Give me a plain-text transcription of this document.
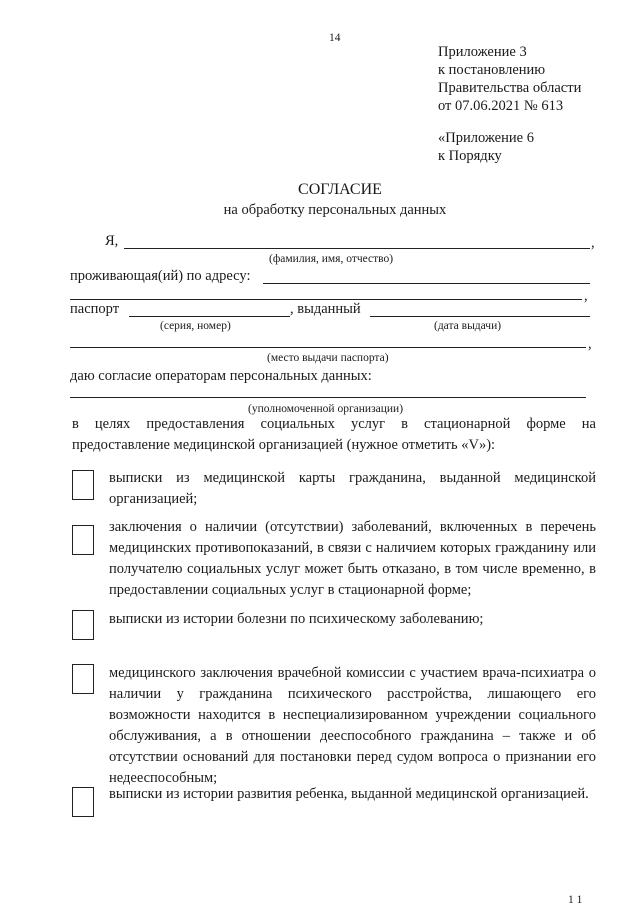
14
Приложение 3
к постановлению
Правительства области
от 07.06.2021 № 613
«Приложение 6
к Порядку
СОГЛАСИЕ
на обработку персональных данных
Я,	,
(фамилия, имя, отчество)
проживающая(ий) по адресу:
,
паспорт	, выданный
(серия, номер)	(дата выдачи)
,
(место выдачи паспорта)
даю согласие операторам персональных данных:
(уполномоченной организации)
в целях предоставления социальных услуг в стационарной форме на предоставление медицинской организацией (нужное отметить «V»):
выписки из медицинской карты гражданина, выданной медицинской организацией;
заключения о наличии (отсутствии) заболеваний, включенных в перечень медицинских противопоказаний, в связи с наличием которых гражданину или получателю социальных услуг может быть отказано, в том числе временно, в предоставлении социальных услуг в стационарной форме;
выписки из истории болезни по психическому заболеванию;
медицинского заключения врачебной комиссии с участием врача-психиатра о наличии у гражданина психического расстройства, лишающего его возможности находится в неспециализированном учреждении социального обслуживания, а в отношении дееспособного гражданина – также и об отсутствии оснований для постановки перед судом вопроса о признании его недееспособным;
выписки из истории развития ребенка, выданной медицинской организацией.
1 1
